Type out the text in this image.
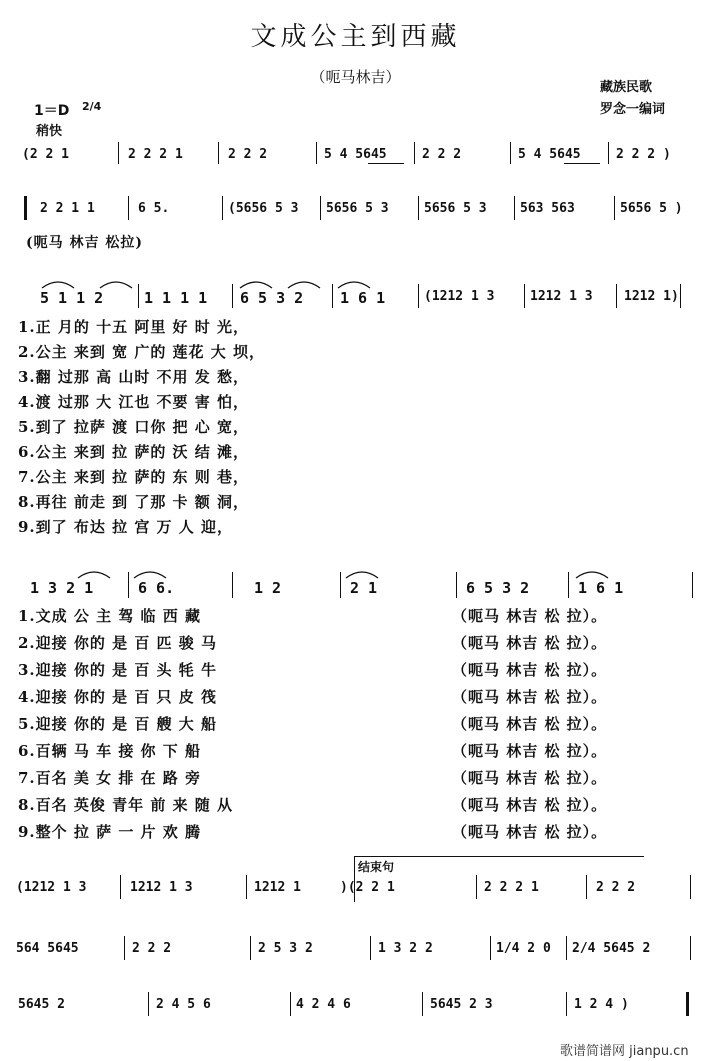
文成公主到西藏
（呃马林吉）
藏族民歌
罗念一编词
1＝D 2/4
稍快
(2 2 1	2 2 2 1	2 2 2	5 4 5645	2 2 2	5 4 5645	2 2 2 )
2 2 1 1	6 5.	(5656 5 3 5656 5 3	5656 5 3	563 563	5656 5 )
(呃马 林吉 松拉)
5 1 1 2	1 1 1 1 6 5 3 2 1 6 1	(1212 1 3	1212 1 3 1212 1)
1.正 月的 十五 阿里 好 时 光，
2.公主 来到 宽 广的 莲花 大 坝，
3.翻 过那 高 山时 不用 发 愁，
4.渡 过那 大 江也 不要 害 怕，
5.到了 拉萨 渡 口你 把 心 宽，
6.公主 来到 拉 萨的 沃 结 滩，
7.公主 来到 拉 萨的 东 则 巷，
8.再往 前走 到 了那 卡 额 洞，
9.到了 布达 拉 宫 万 人 迎，
1 3 2 1	6 6.	1 2	2 1	6 5 3 2	1 6 1
1.文成 公 主 驾 临 西 藏	（呃马 林吉 松 拉）。
2.迎接 你的 是 百 匹 骏 马	（呃马 林吉 松 拉）。
3.迎接 你的 是 百 头 牦 牛	（呃马 林吉 松 拉）。
4.迎接 你的 是 百 只 皮 筏	（呃马 林吉 松 拉）。
5.迎接 你的 是 百 艘 大 船	（呃马 林吉 松 拉）。
6.百辆 马 车 接 你 下 船	（呃马 林吉 松 拉）。
7.百名 美 女 排 在 路 旁	（呃马 林吉 松 拉）。
8.百名 英俊 青年 前 来 随 从	（呃马 林吉 松 拉）。
9.整个 拉 萨 一 片 欢 腾	（呃马 林吉 松 拉）。
结束句
(1212 1 3	1212 1 3	1212 1	)(2 2 1	2 2 2 1	2 2 2
564 5645	2 2 2	2 5 3 2	1 3 2 2	1/4 2 0 2/4 5645 2
5645 2	2 4 5 6	4 2 4 6	5645 2 3	1 2 4 )
歌谱简谱网 jianpu.cn
